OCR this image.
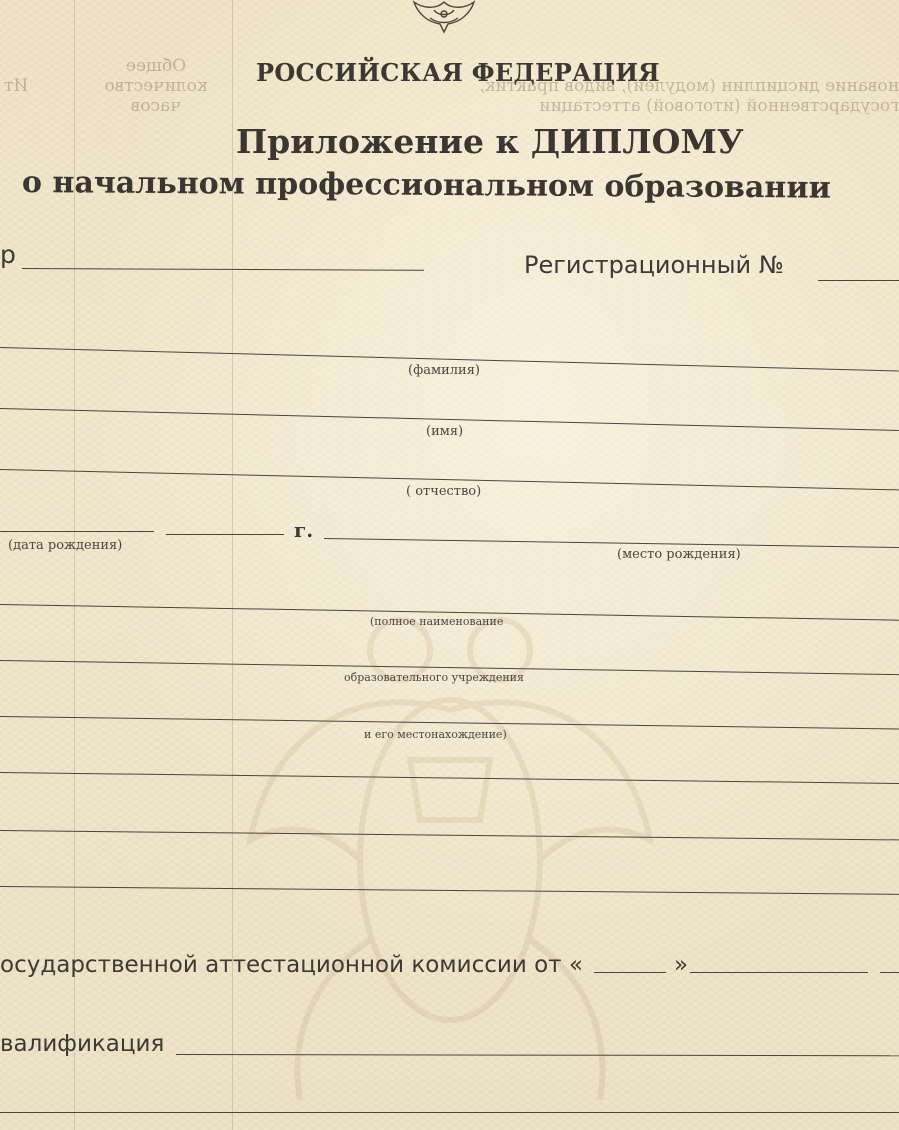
Ит
Общее
количество
часов
нование дисциплин (модулей), видов практик,
государственной (итоговой) аттестации
РОССИЙСКАЯ ФЕДЕРАЦИЯ
Приложение к ДИПЛОМУ
о начальном профессиональном образовании
р	Регистрационный №
(фамилия)
(имя)
( отчество)
г.
(дата рождения)
(место рождения)
(полное наименование
образовательного учреждения
и его местонахождение)
осударственной аттестационной комиссии от «	»
валификация
